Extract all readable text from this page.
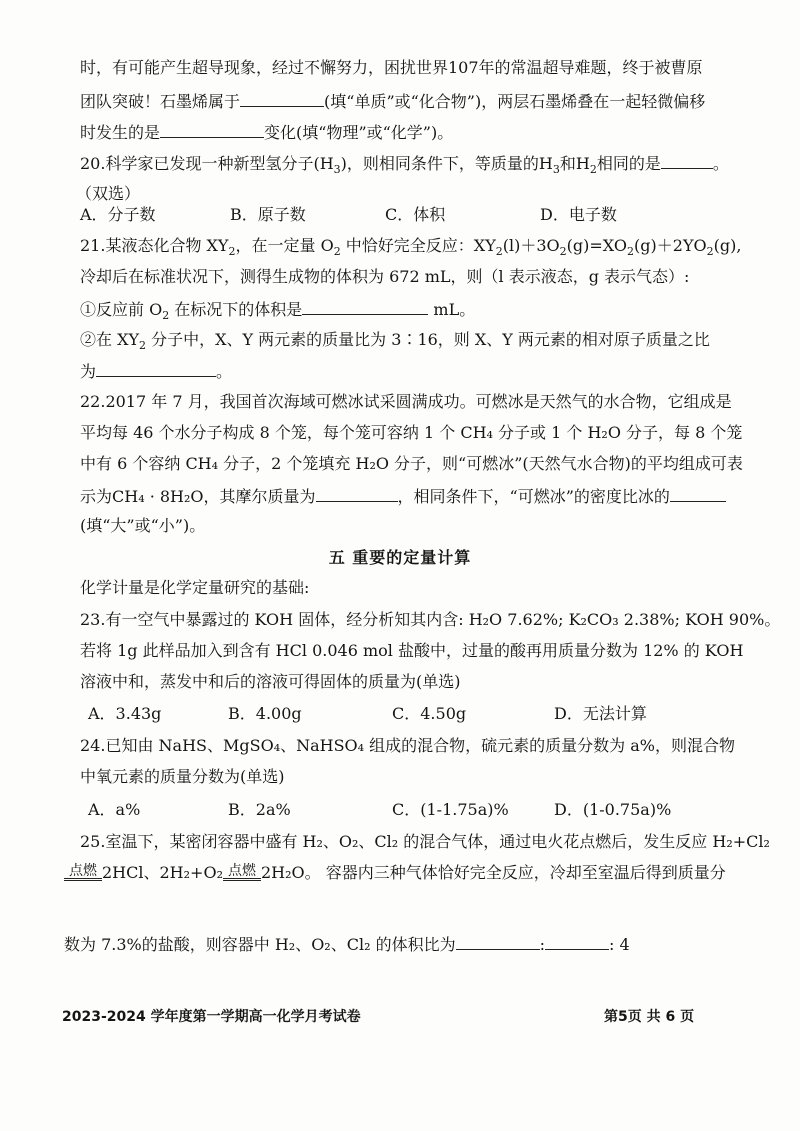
时，有可能产生超导现象，经过不懈努力，困扰世界107年的常温超导难题，终于被曹原
团队突破！石墨烯属于	(填“单质”或“化合物”)，两层石墨烯叠在一起轻微偏移
时发生的是	变化(填“物理”或“化学”)。
20.科学家已发现一种新型氢分子$(H_3)$，则相同条件下，等质量的$H_3$和$H_2$相同的是	。
（双选）
A．分子数	B．原子数	C．体积	D．电子数
21.某液态化合物 $XY_2$，在一定量 $O_2$ 中恰好完全反应：$XY_2(l)+3O_2(g)=XO_2(g)+2YO_2(g)$,
冷却后在标准状况下，测得生成物的体积为 672 mL，则（l 表示液态，g 表示气态）:
①反应前 $O_2$ 在标况下的体积是	mL。
②在 $XY_2$ 分子中，X、Y 两元素的质量比为 3∶16，则 X、Y 两元素的相对原子质量之比
为	。
22.2017 年 7 月，我国首次海域可燃冰试采圆满成功。可燃冰是天然气的水合物，它组成是
平均每 46 个水分子构成 8 个笼，每个笼可容纳 1 个 CH₄ 分子或 1 个 H₂O 分子，每 8 个笼
中有 6 个容纳 CH₄ 分子，2 个笼填充 H₂O 分子，则“可燃冰”(天然气水合物)的平均组成可表
示为CH₄ · 8H₂O，其摩尔质量为	，相同条件下，“可燃冰”的密度比冰的
(填“大”或“小”)。
五 重要的定量计算
化学计量是化学定量研究的基础:
23.有一空气中暴露过的 KOH 固体，经分析知其内含: H₂O 7.62%; K₂CO₃ 2.38%; KOH 90%。
若将 1g 此样品加入到含有 HCl 0.046 mol 盐酸中，过量的酸再用质量分数为 12% 的 KOH
溶液中和，蒸发中和后的溶液可得固体的质量为(单选)
A．3.43g	B．4.00g	C．4.50g	D．无法计算
24.已知由 NaHS、MgSO₄、NaHSO₄ 组成的混合物，硫元素的质量分数为 a%，则混合物
中氧元素的质量分数为(单选)
A．a%	B．2a%	C．(1-1.75a)%	D．(1-0.75a)%
25.室温下，某密闭容器中盛有 H₂、O₂、Cl₂ 的混合气体，通过电火花点燃后，发生反应 H₂+Cl₂
点燃 2HCl、2H₂+O₂ 点燃 2H₂O。 容器内三种气体恰好完全反应，冷却至室温后得到质量分
数为 7.3%的盐酸，则容器中 H₂、O₂、Cl₂ 的体积比为	:	: 4
2023-2024 学年度第一学期高一化学月考试卷	第5页 共 6 页
